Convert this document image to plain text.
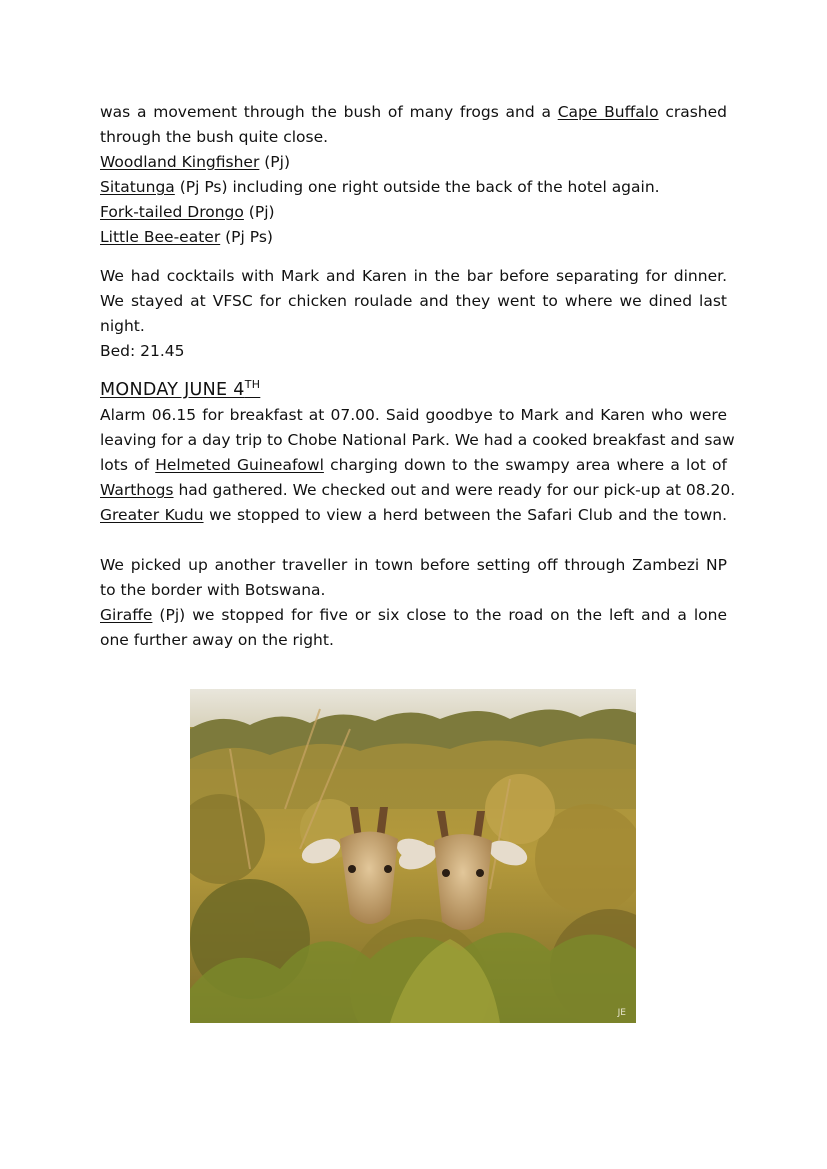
was a movement through the bush of many frogs and a Cape Buffalo crashed
through the bush quite close.
Woodland Kingfisher (Pj)
Sitatunga (Pj Ps) including one right outside the back of the hotel again.
Fork-tailed Drongo (Pj)
Little Bee-eater (Pj Ps)
We had cocktails with Mark and Karen in the bar before separating for dinner.
We stayed at VFSC for chicken roulade and they went to where we dined last
night.
Bed: 21.45
MONDAY JUNE 4TH
Alarm 06.15 for breakfast at 07.00. Said goodbye to Mark and Karen who were
leaving for a day trip to Chobe National Park. We had a cooked breakfast and saw
lots of Helmeted Guineafowl charging down to the swampy area where a lot of
Warthogs had gathered. We checked out and were ready for our pick-up at 08.20.
Greater Kudu we stopped to view a herd between the Safari Club and the town.
We picked up another traveller in town before setting off through Zambezi NP
to the border with Botswana.
Giraffe (Pj) we stopped for five or six close to the road on the left and a lone
one further away on the right.
JE
